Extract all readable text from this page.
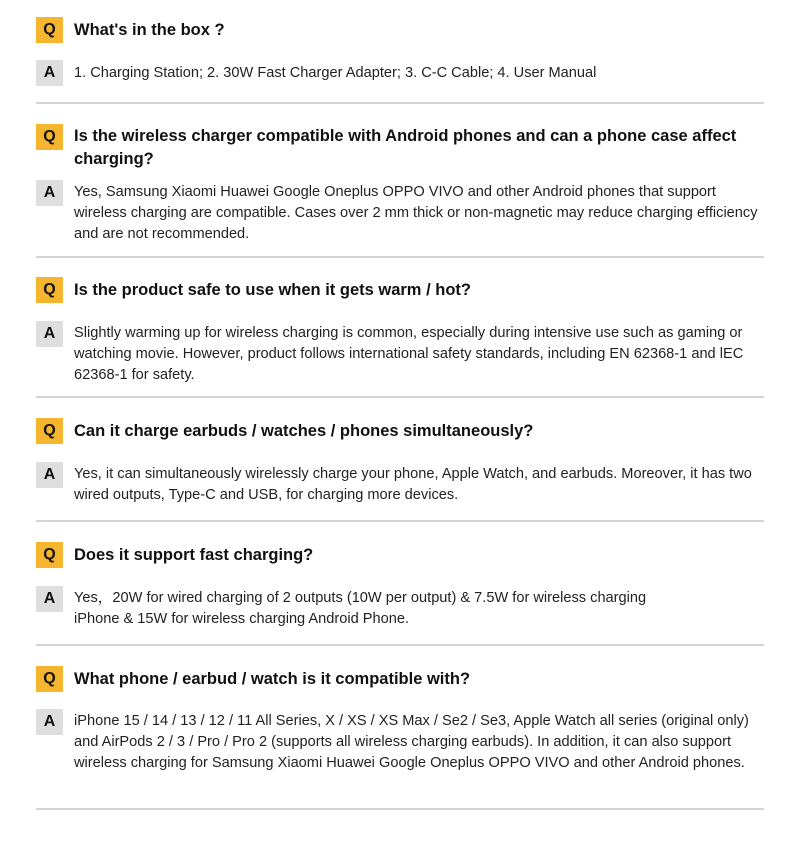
Q	What's in the box ?
A	1. Charging Station; 2. 30W Fast Charger Adapter; 3. C-C Cable; 4. User Manual
Q	Is the wireless charger compatible with Android phones and can a phone case affect charging?
A	Yes, Samsung Xiaomi Huawei Google Oneplus OPPO VIVO and other Android phones that support wireless charging are compatible. Cases over 2 mm thick or non-magnetic may reduce charging efficiency and are not recommended.
Q	Is the product safe to use when it gets warm / hot?
A	Slightly warming up for wireless charging is common, especially during intensive use such as gaming or watching movie. However, product follows international safety standards, including EN 62368-1 and lEC 62368-1 for safety.
Q	Can it charge earbuds / watches / phones simultaneously?
A	Yes, it can simultaneously wirelessly charge your phone, Apple Watch, and earbuds. Moreover, it has two wired outputs, Type-C and USB, for charging more devices.
Q	Does it support fast charging?
A	Yes，20W for wired charging of 2 outputs (10W per output) & 7.5W for wireless charging iPhone & 15W for wireless charging Android Phone.
Q	What phone / earbud / watch is it compatible with?
A	iPhone 15 / 14 / 13 / 12 / 11 All Series, X / XS / XS Max / Se2 / Se3, Apple Watch all series (original only) and AirPods 2 / 3 / Pro / Pro 2 (supports all wireless charging earbuds). In addition, it can also support wireless charging for Samsung Xiaomi Huawei Google Oneplus OPPO VIVO and other Android phones.
